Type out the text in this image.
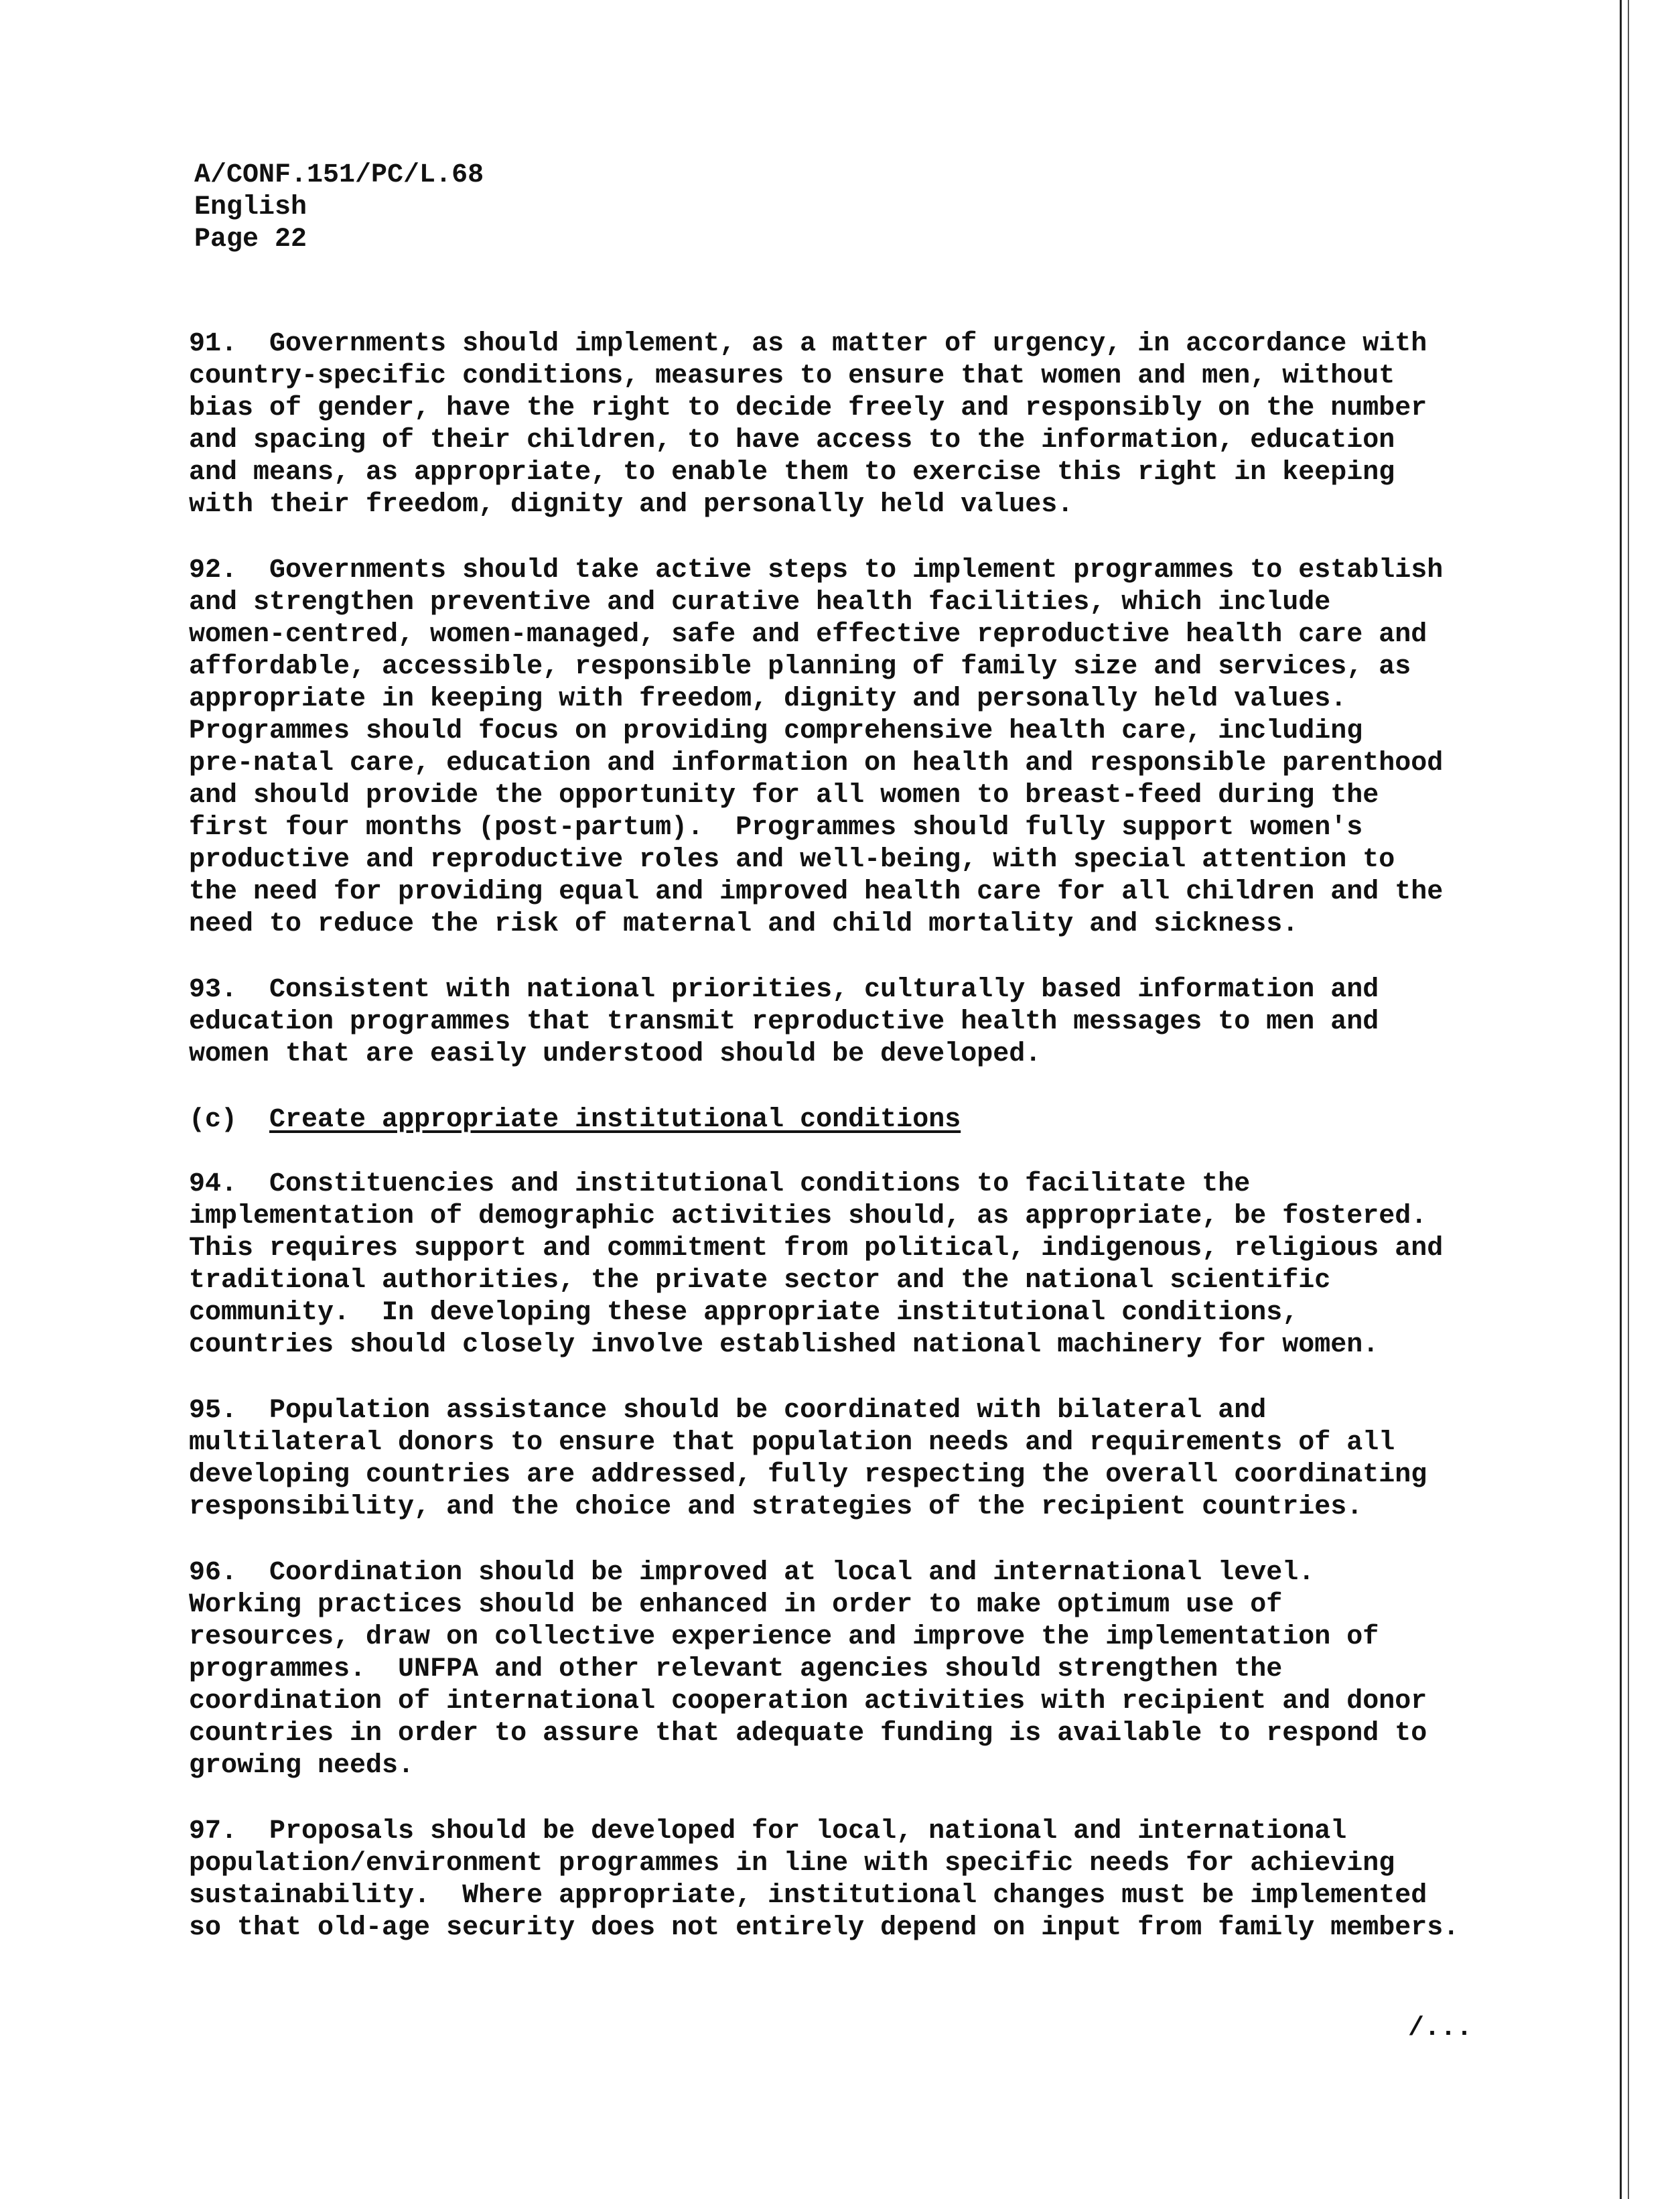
A/CONF.151/PC/L.68
English
Page 22
91.  Governments should implement, as a matter of urgency, in accordance with
country-specific conditions, measures to ensure that women and men, without
bias of gender, have the right to decide freely and responsibly on the number
and spacing of their children, to have access to the information, education
and means, as appropriate, to enable them to exercise this right in keeping
with their freedom, dignity and personally held values.
92.  Governments should take active steps to implement programmes to establish
and strengthen preventive and curative health facilities, which include
women-centred, women-managed, safe and effective reproductive health care and
affordable, accessible, responsible planning of family size and services, as
appropriate in keeping with freedom, dignity and personally held values.
Programmes should focus on providing comprehensive health care, including
pre-natal care, education and information on health and responsible parenthood
and should provide the opportunity for all women to breast-feed during the
first four months (post-partum).  Programmes should fully support women's
productive and reproductive roles and well-being, with special attention to
the need for providing equal and improved health care for all children and the
need to reduce the risk of maternal and child mortality and sickness.
93.  Consistent with national priorities, culturally based information and
education programmes that transmit reproductive health messages to men and
women that are easily understood should be developed.
(c) Create appropriate institutional conditions
94.  Constituencies and institutional conditions to facilitate the
implementation of demographic activities should, as appropriate, be fostered.
This requires support and commitment from political, indigenous, religious and
traditional authorities, the private sector and the national scientific
community.  In developing these appropriate institutional conditions,
countries should closely involve established national machinery for women.
95.  Population assistance should be coordinated with bilateral and
multilateral donors to ensure that population needs and requirements of all
developing countries are addressed, fully respecting the overall coordinating
responsibility, and the choice and strategies of the recipient countries.
96.  Coordination should be improved at local and international level.
Working practices should be enhanced in order to make optimum use of
resources, draw on collective experience and improve the implementation of
programmes.  UNFPA and other relevant agencies should strengthen the
coordination of international cooperation activities with recipient and donor
countries in order to assure that adequate funding is available to respond to
growing needs.
97.  Proposals should be developed for local, national and international
population/environment programmes in line with specific needs for achieving
sustainability.  Where appropriate, institutional changes must be implemented
so that old-age security does not entirely depend on input from family members.
/...
